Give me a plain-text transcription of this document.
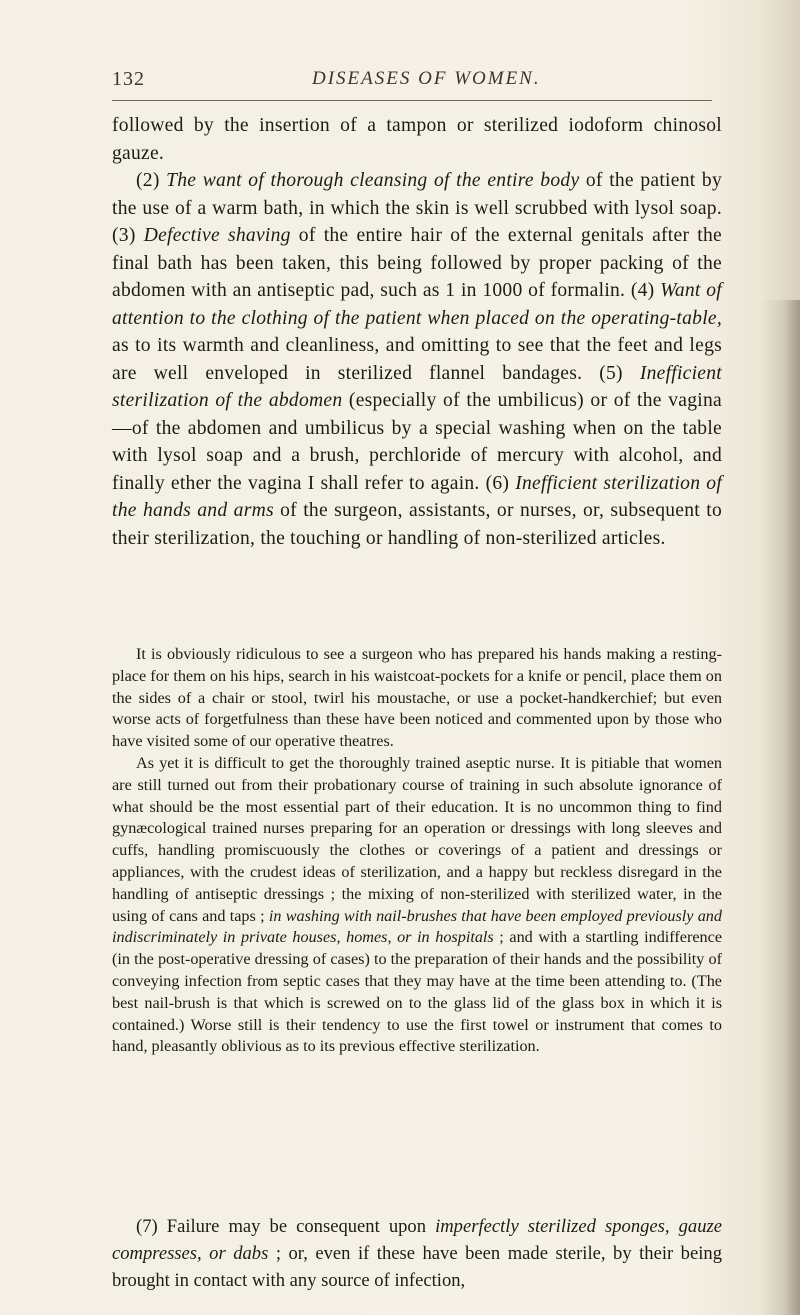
132	DISEASES OF WOMEN.

followed by the insertion of a tampon or sterilized iodoform chinosol gauze.

(2) The want of thorough cleansing of the entire body of the patient by the use of a warm bath, in which the skin is well scrubbed with lysol soap. (3) Defective shaving of the entire hair of the external genitals after the final bath has been taken, this being followed by proper packing of the abdomen with an antiseptic pad, such as 1 in 1000 of formalin. (4) Want of attention to the clothing of the patient when placed on the operating-table, as to its warmth and cleanliness, and omitting to see that the feet and legs are well enveloped in sterilized flannel bandages. (5) Inefficient sterilization of the abdomen (especially of the umbilicus) or of the vagina—of the abdomen and umbilicus by a special washing when on the table with lysol soap and a brush, perchloride of mercury with alcohol, and finally ether the vagina I shall refer to again. (6) Inefficient sterilization of the hands and arms of the surgeon, assistants, or nurses, or, subsequent to their sterilization, the touching or handling of non-sterilized articles.

It is obviously ridiculous to see a surgeon who has prepared his hands making a resting-place for them on his hips, search in his waistcoat-pockets for a knife or pencil, place them on the sides of a chair or stool, twirl his moustache, or use a pocket-handkerchief; but even worse acts of forgetfulness than these have been noticed and commented upon by those who have visited some of our operative theatres.

As yet it is difficult to get the thoroughly trained aseptic nurse. It is pitiable that women are still turned out from their probationary course of training in such absolute ignorance of what should be the most essential part of their education. It is no uncommon thing to find gynæcological trained nurses preparing for an operation or dressings with long sleeves and cuffs, handling promiscuously the clothes or coverings of a patient and dressings or appliances, with the crudest ideas of sterilization, and a happy but reckless disregard in the handling of antiseptic dressings ; the mixing of non-sterilized with sterilized water, in the using of cans and taps ; in washing with nail-brushes that have been employed previously and indiscriminately in private houses, homes, or in hospitals ; and with a startling indifference (in the post-operative dressing of cases) to the preparation of their hands and the possibility of conveying infection from septic cases that they may have at the time been attending to. (The best nail-brush is that which is screwed on to the glass lid of the glass box in which it is contained.) Worse still is their tendency to use the first towel or instrument that comes to hand, pleasantly oblivious as to its previous effective sterilization.

(7) Failure may be consequent upon imperfectly sterilized sponges, gauze compresses, or dabs ; or, even if these have been made sterile, by their being brought in contact with any source of infection,
